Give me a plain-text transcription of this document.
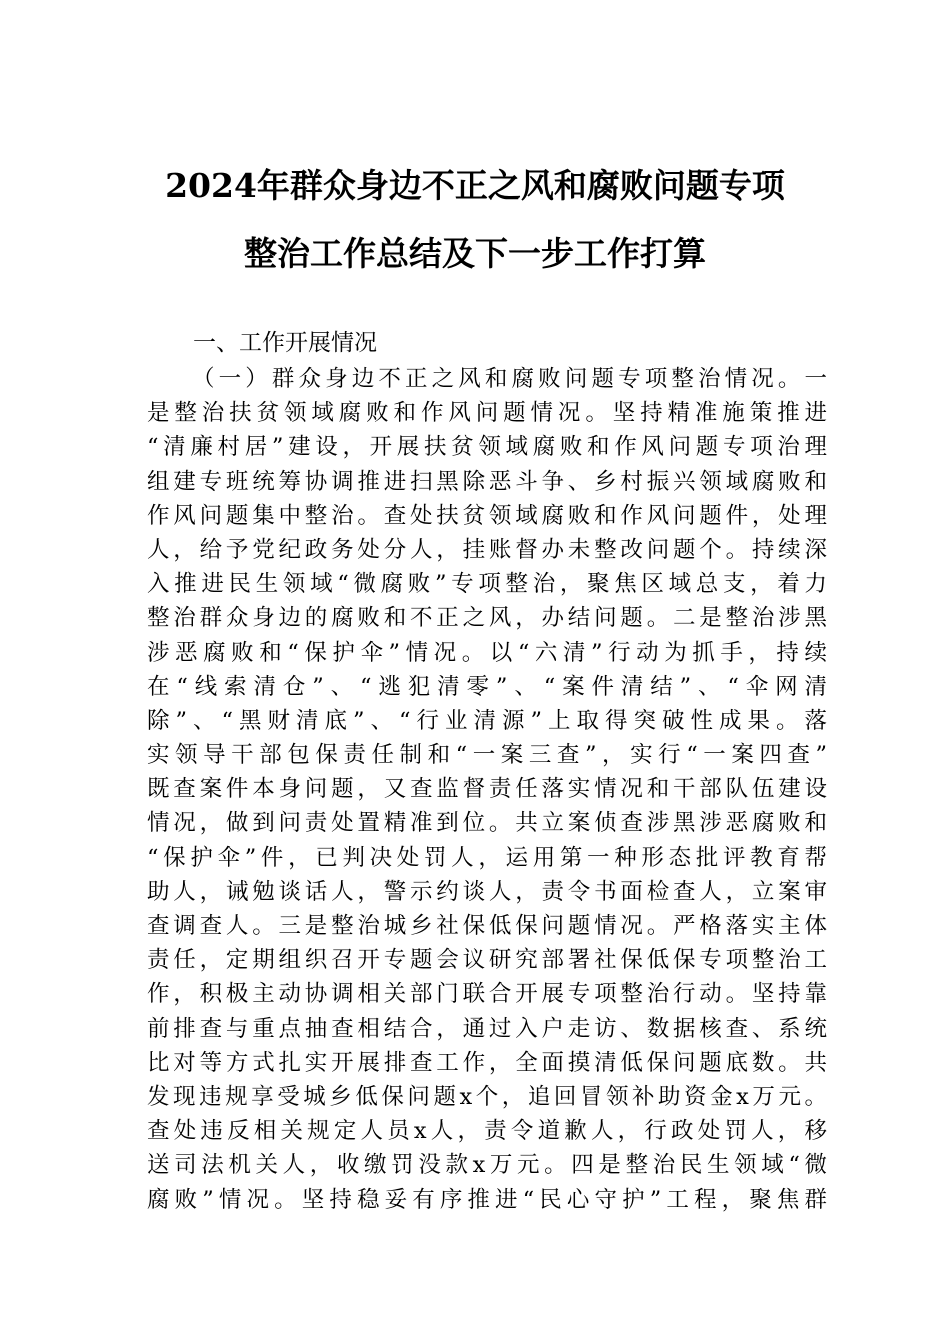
2024年群众身边不正之风和腐败问题专项
整治工作总结及下一步工作打算
一、工作开展情况
（一）群众身边不正之风和腐败问题专项整治情况。一
是整治扶贫领域腐败和作风问题情况。坚持精准施策推进
“清廉村居”建设，开展扶贫领域腐败和作风问题专项治理
组建专班统筹协调推进扫黑除恶斗争、乡村振兴领域腐败和
作风问题集中整治。查处扶贫领域腐败和作风问题件，处理
人，给予党纪政务处分人，挂账督办未整改问题个。持续深
入推进民生领域“微腐败”专项整治，聚焦区域总支，着力
整治群众身边的腐败和不正之风，办结问题。二是整治涉黑
涉恶腐败和“保护伞”情况。以“六清”行动为抓手，持续
在“线索清仓”、“逃犯清零”、“案件清结”、“伞网清
除”、“黑财清底”、“行业清源”上取得突破性成果。落
实领导干部包保责任制和“一案三查”，实行“一案四查”
既查案件本身问题，又查监督责任落实情况和干部队伍建设
情况，做到问责处置精准到位。共立案侦查涉黑涉恶腐败和
“保护伞”件，已判决处罚人，运用第一种形态批评教育帮
助人，诫勉谈话人，警示约谈人，责令书面检查人，立案审
查调查人。三是整治城乡社保低保问题情况。严格落实主体
责任，定期组织召开专题会议研究部署社保低保专项整治工
作，积极主动协调相关部门联合开展专项整治行动。坚持靠
前排查与重点抽查相结合，通过入户走访、数据核查、系统
比对等方式扎实开展排查工作，全面摸清低保问题底数。共
发现违规享受城乡低保问题x个，追回冒领补助资金x万元。
查处违反相关规定人员x人，责令道歉人，行政处罚人，移
送司法机关人，收缴罚没款x万元。四是整治民生领域“微
腐败”情况。坚持稳妥有序推进“民心守护”工程，聚焦群
